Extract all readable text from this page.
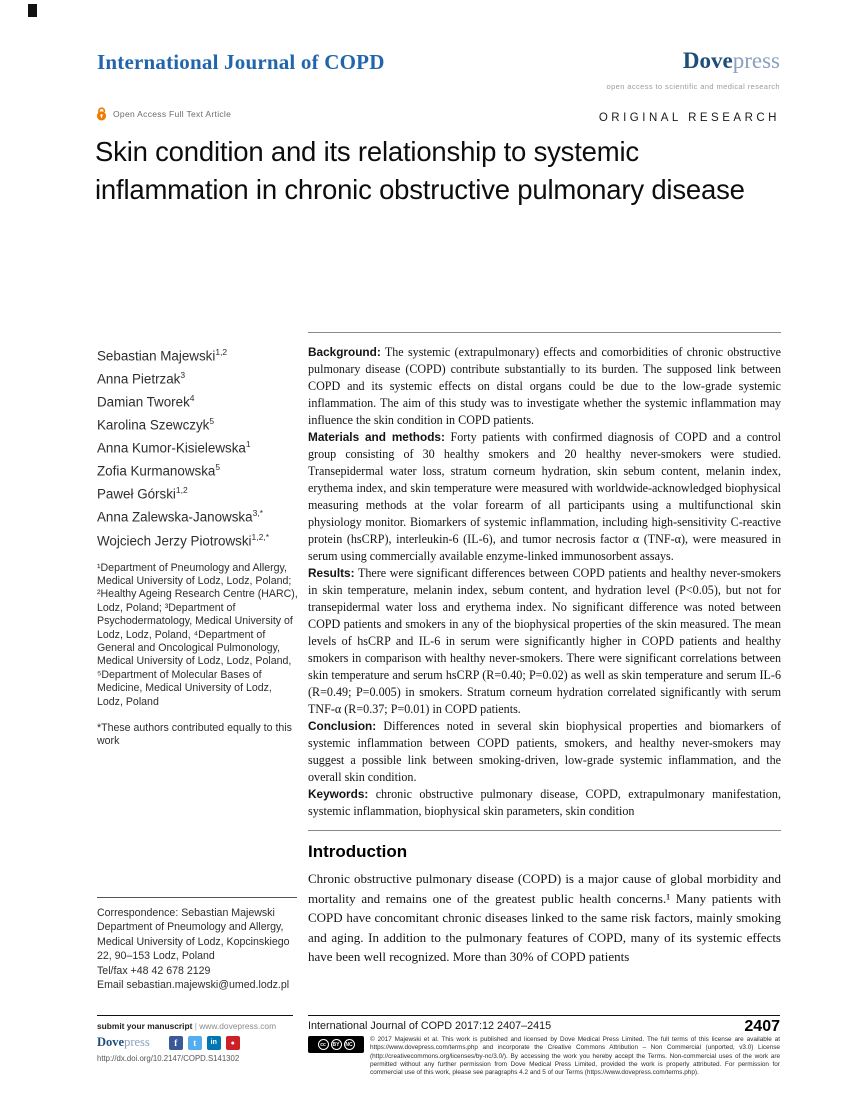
International Journal of COPD	Dovepress
open access to scientific and medical research
Open Access Full Text Article	ORIGINAL RESEARCH
Skin condition and its relationship to systemic inflammation in chronic obstructive pulmonary disease
Sebastian Majewski$^{1,2}$
Anna Pietrzak$^3$
Damian Tworek$^4$
Karolina Szewczyk$^5$
Anna Kumor-Kisielewska$^1$
Zofia Kurmanowska$^5$
Paweł Górski$^{1,2}$
Anna Zalewska-Janowska$^{3,*}$
Wojciech Jerzy Piotrowski$^{1,2,*}$
¹Department of Pneumology and Allergy, Medical University of Lodz, Lodz, Poland; ²Healthy Ageing Research Centre (HARC), Lodz, Poland; ³Department of Psychodermatology, Medical University of Lodz, Lodz, Poland, ⁴Department of General and Oncological Pulmonology, Medical University of Lodz, Lodz, Poland, ⁵Department of Molecular Bases of Medicine, Medical University of Lodz, Lodz, Poland
*These authors contributed equally to this work
Correspondence: Sebastian Majewski
Department of Pneumology and Allergy, Medical University of Lodz, Kopcinskiego 22, 90–153 Lodz, Poland
Tel/fax +48 42 678 2129
Email sebastian.majewski@umed.lodz.pl

Background: The systemic (extrapulmonary) effects and comorbidities of chronic obstructive pulmonary disease (COPD) contribute substantially to its burden. The supposed link between COPD and its systemic effects on distal organs could be due to the low-grade systemic inflammation. The aim of this study was to investigate whether the systemic inflammation may influence the skin condition in COPD patients.

Materials and methods: Forty patients with confirmed diagnosis of COPD and a control group consisting of 30 healthy smokers and 20 healthy never-smokers were studied. Transepidermal water loss, stratum corneum hydration, skin sebum content, melanin index, erythema index, and skin temperature were measured with worldwide-acknowledged biophysical measuring methods at the volar forearm of all participants using a multifunctional skin physiology monitor. Biomarkers of systemic inflammation, including high-sensitivity C-reactive protein (hsCRP), interleukin-6 (IL-6), and tumor necrosis factor α (TNF-α), were measured in serum using commercially available enzyme-linked immunosorbent assays.

Results: There were significant differences between COPD patients and healthy never-smokers in skin temperature, melanin index, sebum content, and hydration level (P<0.05), but not for transepidermal water loss and erythema index. No significant difference was noted between COPD patients and smokers in any of the biophysical properties of the skin measured. The mean levels of hsCRP and IL-6 in serum were significantly higher in COPD patients and healthy smokers in comparison with healthy never-smokers. There were significant correlations between skin temperature and serum hsCRP (R=0.40; P=0.02) as well as skin temperature and serum IL-6 (R=0.49; P=0.005) in smokers. Stratum corneum hydration correlated significantly with serum TNF-α (R=0.37; P=0.01) in COPD patients.

Conclusion: Differences noted in several skin biophysical properties and biomarkers of systemic inflammation between COPD patients, smokers, and healthy never-smokers may suggest a possible link between smoking-driven, low-grade systemic inflammation, and the overall skin condition.

Keywords: chronic obstructive pulmonary disease, COPD, extrapulmonary manifestation, systemic inflammation, biophysical skin parameters, skin condition

Introduction

Chronic obstructive pulmonary disease (COPD) is a major cause of global morbidity and mortality and remains one of the greatest public health concerns.¹ Many patients with COPD have concomitant chronic diseases linked to the same risk factors, mainly smoking and aging. In addition to the pulmonary features of COPD, many of its systemic effects have been well recognized. More than 30% of COPD patients

submit your manuscript | www.dovepress.com
Dovepress	f	t	in	●
http://dx.doi.org/10.2147/COPD.S141302
International Journal of COPD 2017:12 2407–2415	2407
cc	BY	NC
© 2017 Majewski et al. This work is published and licensed by Dove Medical Press Limited. The full terms of this license are available at https://www.dovepress.com/terms.php and incorporate the Creative Commons Attribution – Non Commercial (unported, v3.0) License (http://creativecommons.org/licenses/by-nc/3.0/). By accessing the work you hereby accept the Terms. Non-commercial uses of the work are permitted without any further permission from Dove Medical Press Limited, provided the work is properly attributed. For permission for commercial use of this work, please see paragraphs 4.2 and 5 of our Terms (https://www.dovepress.com/terms.php).
